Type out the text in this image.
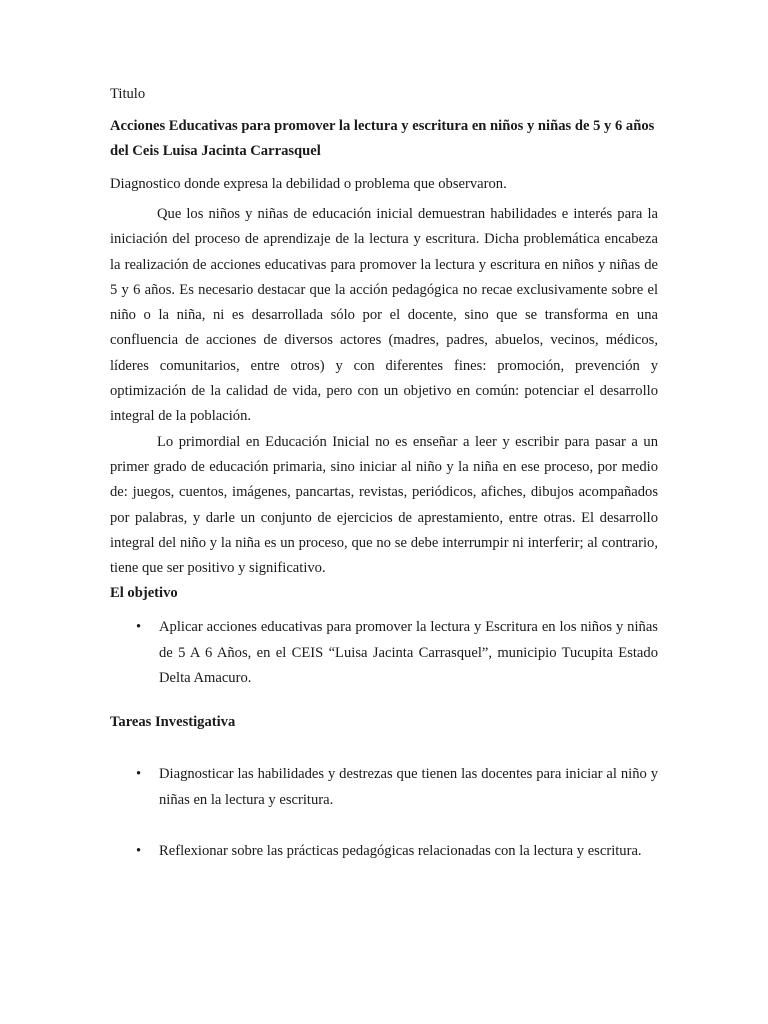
Titulo

Acciones Educativas para promover la lectura y escritura en niños y niñas de 5 y 6 años del Ceis Luisa Jacinta Carrasquel

Diagnostico donde expresa la debilidad o problema que observaron.

Que los niños y niñas de educación inicial demuestran habilidades e interés para la iniciación del proceso de aprendizaje de la lectura y escritura. Dicha problemática encabeza la realización de acciones educativas para promover la lectura y escritura en niños y niñas de 5 y 6 años. Es necesario destacar que la acción pedagógica no recae exclusivamente sobre el niño o la niña, ni es desarrollada sólo por el docente, sino que se transforma en una confluencia de acciones de diversos actores (madres, padres, abuelos, vecinos, médicos, líderes comunitarios, entre otros) y con diferentes fines: promoción, prevención y optimización de la calidad de vida, pero con un objetivo en común: potenciar el desarrollo integral de la población.

Lo primordial en Educación Inicial no es enseñar a leer y escribir para pasar a un primer grado de educación primaria, sino iniciar al niño y la niña en ese proceso, por medio de: juegos, cuentos, imágenes, pancartas, revistas, periódicos, afiches, dibujos acompañados por palabras, y darle un conjunto de ejercicios de aprestamiento, entre otras. El desarrollo integral del niño y la niña es un proceso, que no se debe interrumpir ni interferir; al contrario, tiene que ser positivo y significativo.

El objetivo

• Aplicar acciones educativas para promover la lectura y Escritura en los niños y niñas de 5 A 6 Años, en el CEIS “Luisa Jacinta Carrasquel”, municipio Tucupita Estado Delta Amacuro.

Tareas Investigativa

• Diagnosticar las habilidades y destrezas que tienen las docentes para iniciar al niño y niñas en la lectura y escritura.
• Reflexionar sobre las prácticas pedagógicas relacionadas con la lectura y escritura.
